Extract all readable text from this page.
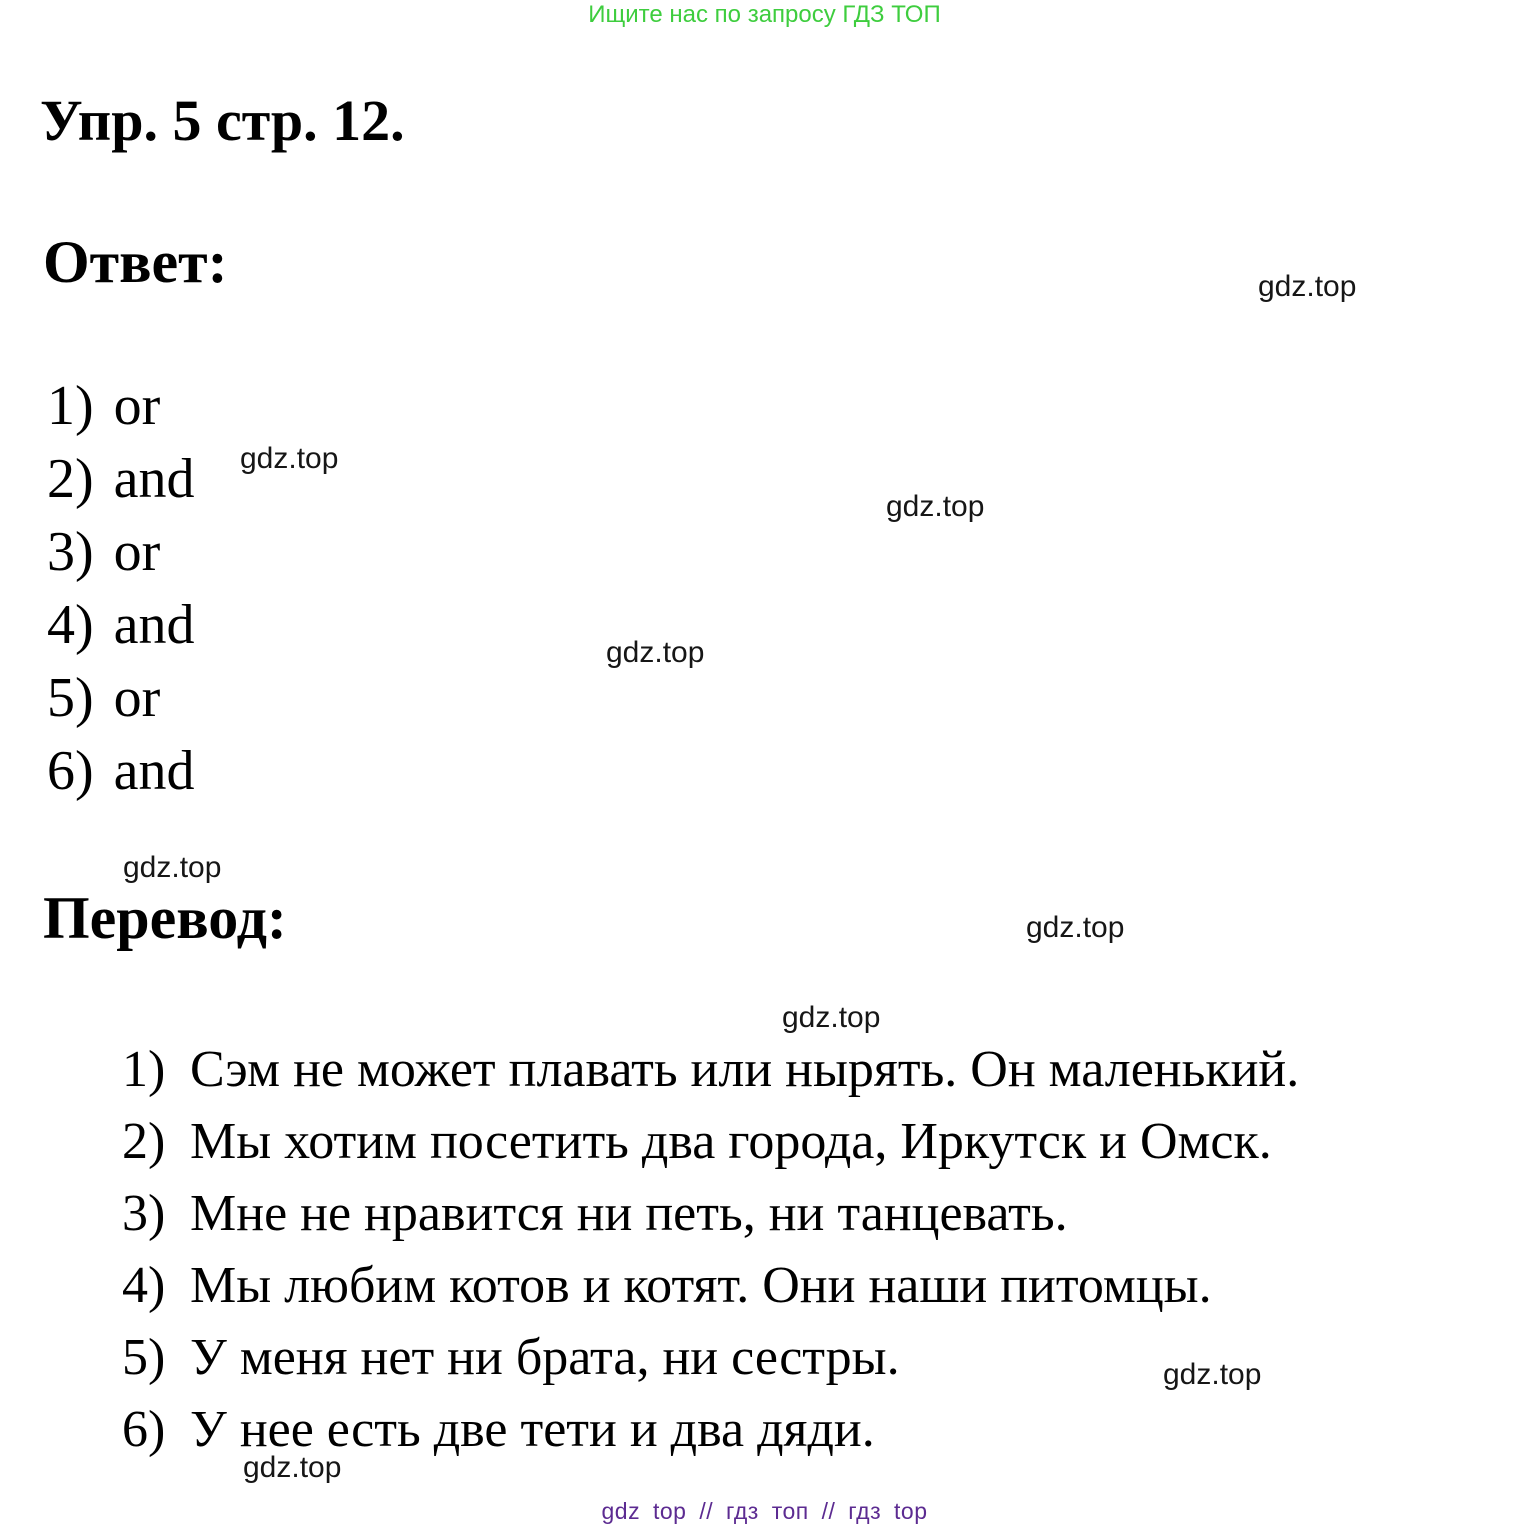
Ищите нас по запросу ГДЗ ТОП
Упр. 5 стр. 12.
Ответ:
1) or
2) and
3) or
4) and
5) or
6) and
Перевод:
1) Сэм не может плавать или нырять. Он маленький.
2) Мы хотим посетить два города, Иркутск и Омск.
3) Мне не нравится ни петь, ни танцевать.
4) Мы любим котов и котят. Они наши питомцы.
5) У меня нет ни брата, ни сестры.
6) У нее есть две тети и два дяди.
gdz.top
gdz.top
gdz.top
gdz.top
gdz.top
gdz.top
gdz.top
gdz.top
gdz.top
gdz top // гдз топ // гдз top
